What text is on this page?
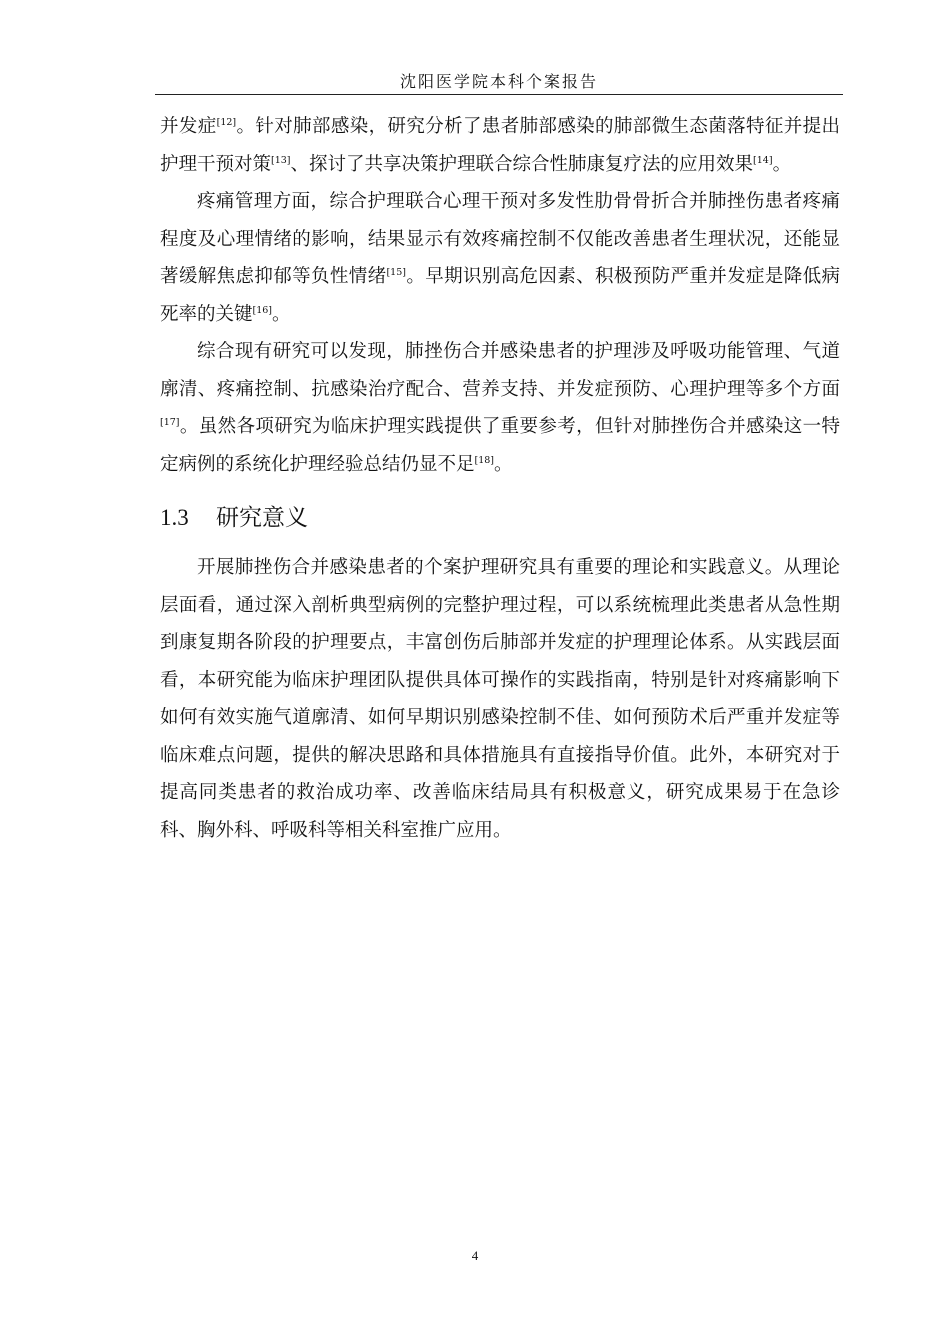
沈阳医学院本科个案报告

并发症[12]。针对肺部感染，研究分析了患者肺部感染的肺部微生态菌落特征并提出护理干预对策[13]、探讨了共享决策护理联合综合性肺康复疗法的应用效果[14]。

疼痛管理方面，综合护理联合心理干预对多发性肋骨骨折合并肺挫伤患者疼痛程度及心理情绪的影响，结果显示有效疼痛控制不仅能改善患者生理状况，还能显著缓解焦虑抑郁等负性情绪[15]。早期识别高危因素、积极预防严重并发症是降低病死率的关键[16]。

综合现有研究可以发现，肺挫伤合并感染患者的护理涉及呼吸功能管理、气道廓清、疼痛控制、抗感染治疗配合、营养支持、并发症预防、心理护理等多个方面[17]。虽然各项研究为临床护理实践提供了重要参考，但针对肺挫伤合并感染这一特定病例的系统化护理经验总结仍显不足[18]。

1.3 研究意义

开展肺挫伤合并感染患者的个案护理研究具有重要的理论和实践意义。从理论层面看，通过深入剖析典型病例的完整护理过程，可以系统梳理此类患者从急性期到康复期各阶段的护理要点，丰富创伤后肺部并发症的护理理论体系。从实践层面看，本研究能为临床护理团队提供具体可操作的实践指南，特别是针对疼痛影响下如何有效实施气道廓清、如何早期识别感染控制不佳、如何预防术后严重并发症等临床难点问题，提供的解决思路和具体措施具有直接指导价值。此外，本研究对于提高同类患者的救治成功率、改善临床结局具有积极意义，研究成果易于在急诊科、胸外科、呼吸科等相关科室推广应用。

4
